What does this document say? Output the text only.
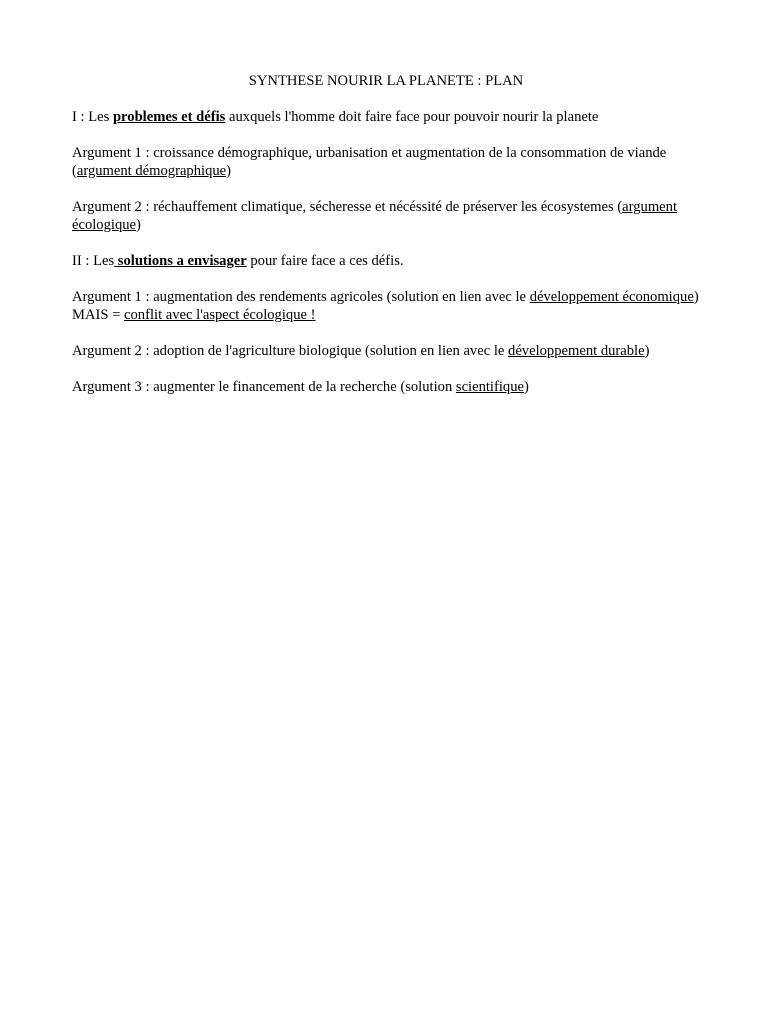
SYNTHESE NOURIR LA PLANETE : PLAN
I : Les problemes et défis auxquels l'homme doit faire face pour pouvoir nourir la planete
Argument 1 : croissance démographique, urbanisation et augmentation de la consommation de viande (argument démographique)
Argument 2 : réchauffement climatique, sécheresse et nécéssité de préserver les écosystemes (argument écologique)
II : Les solutions a envisager pour faire face a ces défis.
Argument 1 : augmentation des rendements agricoles (solution en lien avec le développement économique) MAIS = conflit avec l'aspect écologique !
Argument 2 : adoption de l'agriculture biologique (solution en lien avec le développement durable)
Argument 3 : augmenter le financement de la recherche (solution scientifique)
